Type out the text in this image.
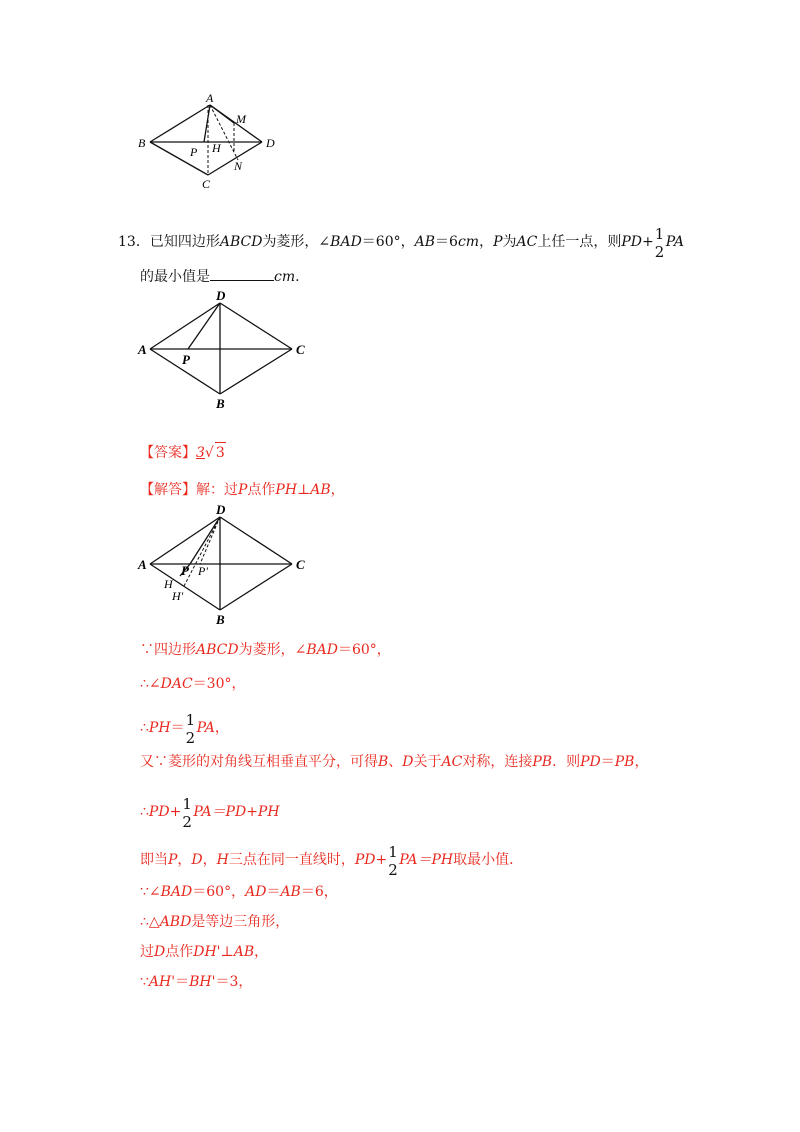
A
M
B	D
P H
N
C
13．已知四边形ABCD为菱形，∠BAD＝60°，AB＝6cm，P为AC上任一点，则PD+ 1
2
PA
的最小值是	cm.
D
A	C
P
B
【答案】3√ 3
【解答】解：过P点作PH⊥AB，
D
A	C
P P'
H
H'
B
∵四边形ABCD为菱形，∠BAD＝60°，
∴∠DAC＝30°，
∴PH＝ 1
2
PA，
又∵菱形的对角线互相垂直平分，可得B、D关于AC对称，连接PB．则PD＝PB，
∴PD+ 1
2
PA＝PD+PH
即当P，D，H三点在同一直线时，PD+ 1
2
PA＝PH取最小值．
∵∠BAD＝60°，AD＝AB＝6，
∴△ABD是等边三角形，
过D点作DH'⊥AB，
∵AH'＝BH'＝3，
